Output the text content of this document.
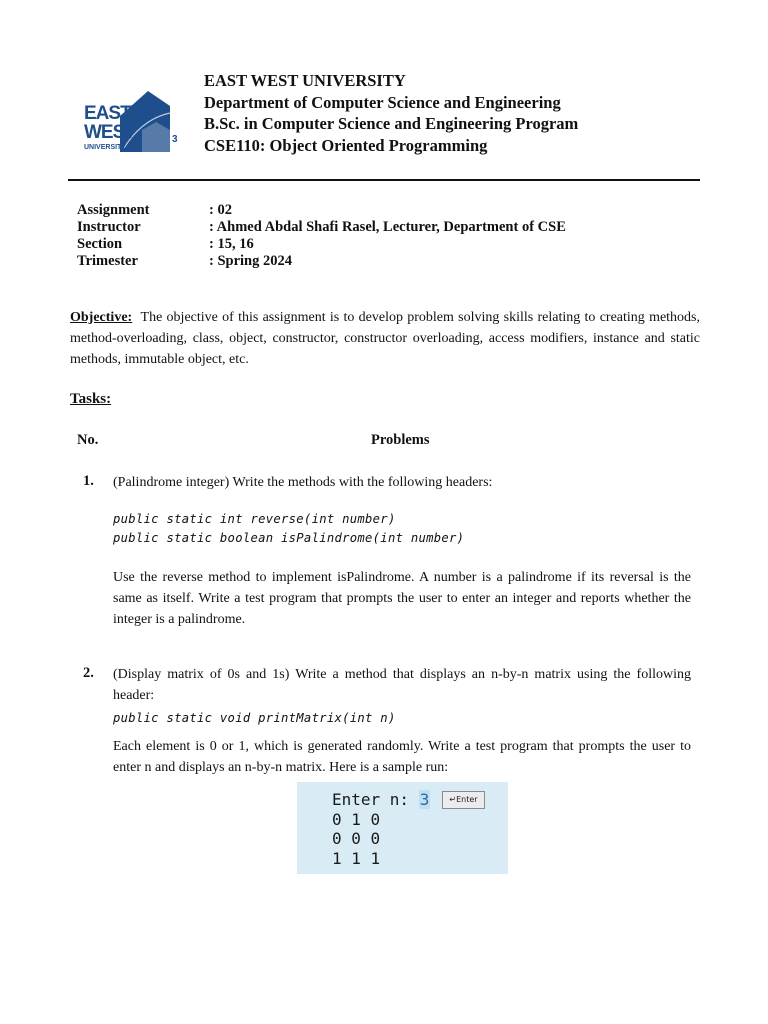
EAST
WEST
UNIVERSITY
3
EAST WEST UNIVERSITY
Department of Computer Science and Engineering
B.Sc. in Computer Science and Engineering Program
CSE110: Object Oriented Programming
Assignment	: 02
Instructor	: Ahmed Abdal Shafi Rasel, Lecturer, Department of CSE
Section	: 15, 16
Trimester	: Spring 2024
Objective: The objective of this assignment is to develop problem solving skills relating to creating methods, method-overloading, class, object, constructor, constructor overloading, access modifiers, instance and static methods, immutable object, etc.
Tasks:
No.	Problems
1. (Palindrome integer) Write the methods with the following headers:
public static int reverse(int number)
public static boolean isPalindrome(int number)
Use the reverse method to implement isPalindrome. A number is a palindrome if its reversal is the same as itself. Write a test program that prompts the user to enter an integer and reports whether the integer is a palindrome.
2. (Display matrix of 0s and 1s) Write a method that displays an n-by-n matrix using the following header:
public static void printMatrix(int n)
Each element is 0 or 1, which is generated randomly. Write a test program that prompts the user to enter n and displays an n-by-n matrix. Here is a sample run:
Enter n: 3
0 1 0
0 0 0
1 1 1
↵Enter
